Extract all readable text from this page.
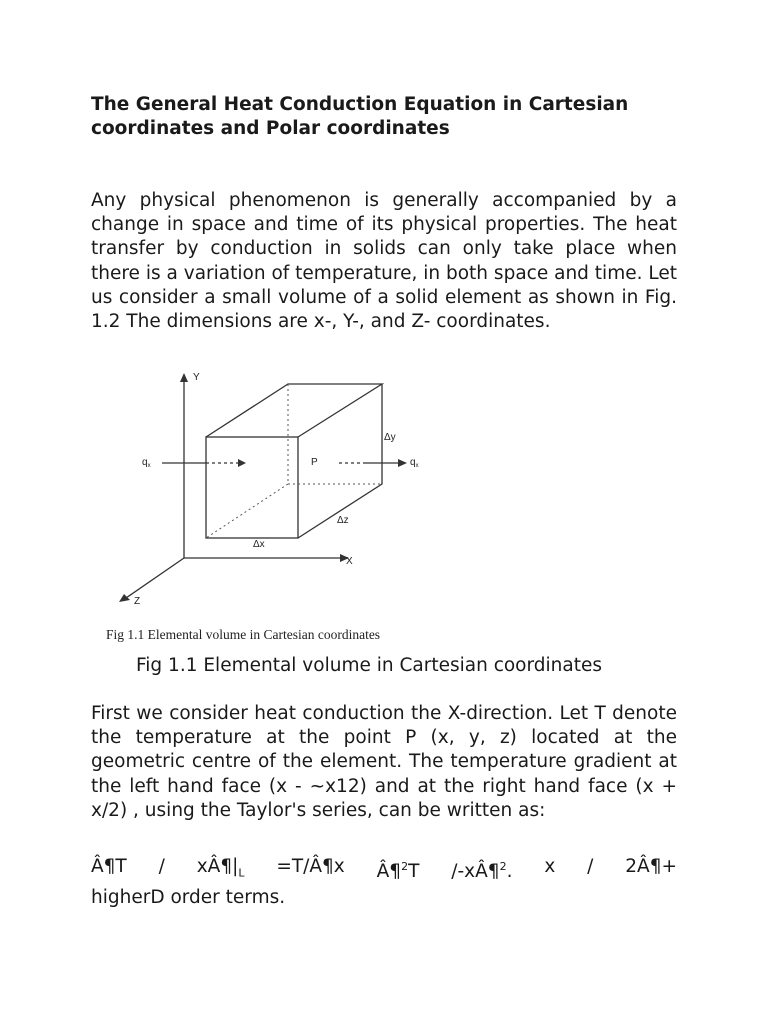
The General Heat Conduction Equation in Cartesian coordinates and Polar coordinates

Any physical phenomenon is generally accompanied by a change in space and time of its physical properties. The heat transfer by conduction in solids can only take place when there is a variation of temperature, in both space and time. Let us consider a small volume of a solid element as shown in Fig. 1.2 The dimensions are x-, Y-, and Z- coordinates.

Y
X
Z
$q_x$	P	$q_x$
Δy
Δz
Δx
Fig 1.1 Elemental volume in Cartesian coordinates

Fig 1.1 Elemental volume in Cartesian coordinates

First we consider heat conduction the X-direction. Let T denote the temperature at the point P (x, y, z) located at the geometric centre of the element. The temperature gradient at the left hand face (x - ~x12) and at the right hand face (x + x/2) , using the Taylor's series, can be written as:

Â¶T / $xÂ\P|_L$ =T/Â¶x Â¶$^2$T /-xÂ¶$^2$. x / 2Â¶+
higherD order terms.
